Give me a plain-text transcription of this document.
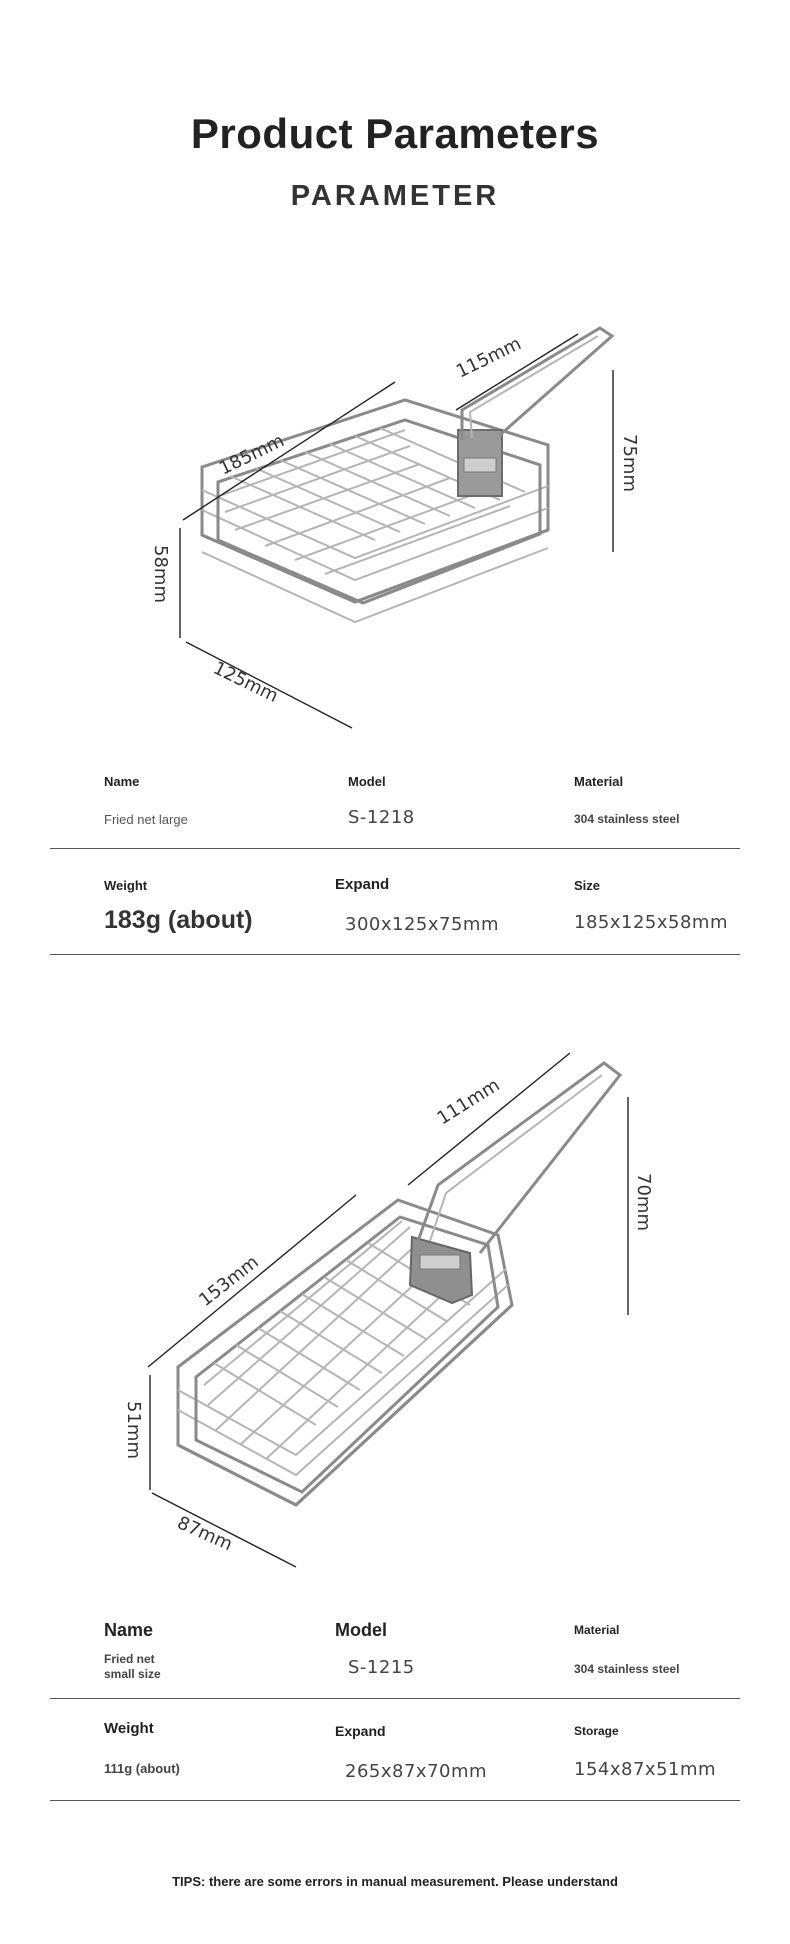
Product Parameters
PARAMETER
185mm
115mm
75mm
58mm
125mm
Name	Model	Material
Fried net large	S-1218	304 stainless steel
Weight	Expand	Size
183g (about)	300x125x75mm	185x125x58mm
153mm
111mm
70mm
51mm
87mm
Name	Model	Material
Fried net
small size	S-1215	304 stainless steel
Weight	Expand	Storage
111g (about)	265x87x70mm	154x87x51mm
TIPS: there are some errors in manual measurement. Please understand
